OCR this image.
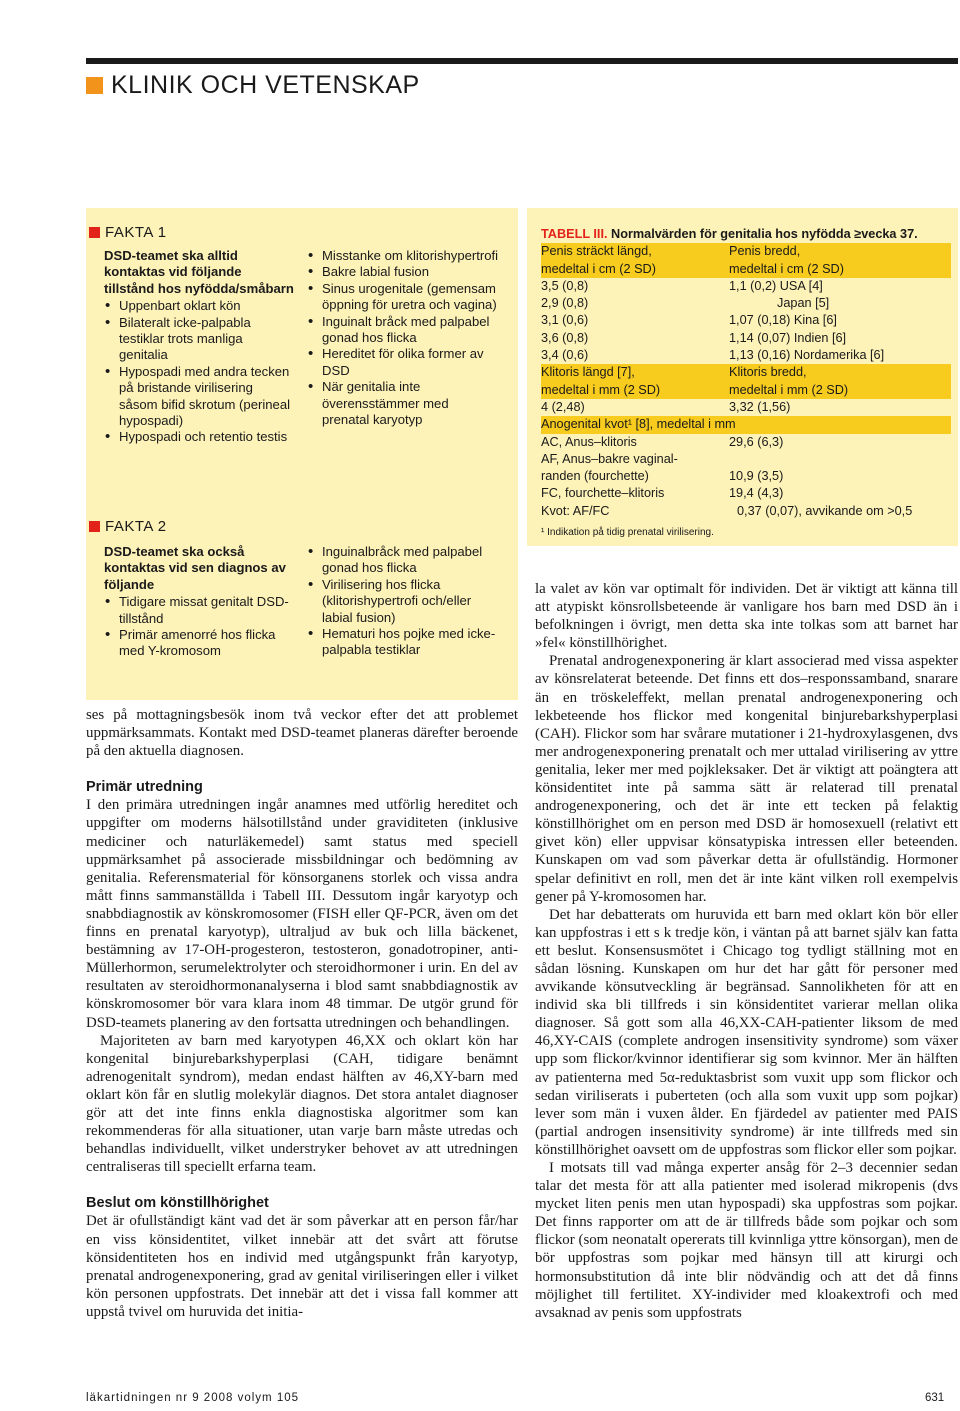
KLINIK OCH VETENSKAP
FAKTA 1
DSD-teamet ska alltid kontaktas vid följande tillstånd hos nyfödda/småbarn
• Uppenbart oklart kön
• Bilateralt icke-palpabla testiklar trots manliga genitalia
• Hypospadi med andra tecken på bristande virilisering såsom bifid skrotum (perineal hypospadi)
• Hypospadi och retentio testis
• Misstanke om klitorishypertrofi
• Bakre labial fusion
• Sinus urogenitale (gemensam öppning för uretra och vagina)
• Inguinalt bråck med palpabel gonad hos flicka
• Hereditet för olika former av DSD
• När genitalia inte överensstämmer med prenatal karyotyp
FAKTA 2
DSD-teamet ska också kontaktas vid sen diagnos av följande
• Tidigare missat genitalt DSD-tillstånd
• Primär amenorré hos flicka med Y-kromosom
• Inguinalbråck med palpabel gonad hos flicka
• Virilisering hos flicka (klitorishypertrofi och/eller labial fusion)
• Hematuri hos pojke med icke-palpabla testiklar
TABELL III. Normalvärden för genitalia hos nyfödda ≥vecka 37.
Penis sträckt längd,	Penis bredd,
medeltal i cm (2 SD)	medeltal i cm (2 SD)
3,5 (0,8)	1,1 (0,2) USA [4]
2,9 (0,8)	Japan [5]
3,1 (0,6)	1,07 (0,18) Kina [6]
3,6 (0,8)	1,14 (0,07) Indien [6]
3,4 (0,6)	1,13 (0,16) Nordamerika [6]
Klitoris längd [7],	Klitoris bredd,
medeltal i mm (2 SD)	medeltal i mm (2 SD)
4 (2,48)	3,32 (1,56)
Anogenital kvot¹ [8], medeltal i mm
AC, Anus–klitoris	29,6 (6,3)
AF, Anus–bakre vaginal-
randen (fourchette)	10,9 (3,5)
FC, fourchette–klitoris	19,4 (4,3)
Kvot: AF/FC	0,37 (0,07), avvikande om >0,5
¹ Indikation på tidig prenatal virilisering.

ses på mottagningsbesök inom två veckor efter det att problemet uppmärksammats. Kontakt med DSD-teamet planeras därefter beroende på den aktuella diagnosen.

Primär utredning

I den primära utredningen ingår anamnes med utförlig hereditet och uppgifter om moderns hälsotillstånd under graviditeten (inklusive mediciner och naturläkemedel) samt status med speciell uppmärksamhet på associerade missbildningar och bedömning av genitalia. Referensmaterial för könsorganens storlek och vissa andra mått finns sammanställda i Tabell III. Dessutom ingår karyotyp och snabbdiagnostik av könskromosomer (FISH eller QF-PCR, även om det finns en prenatal karyotyp), ultraljud av buk och lilla bäckenet, bestämning av 17-OH-progesteron, testosteron, gonadotropiner, anti-Müllerhormon, serumelektrolyter och steroidhormoner i urin. En del av resultaten av steroidhormonanalyserna i blod samt snabbdiagnostik av könskromosomer bör vara klara inom 48 timmar. De utgör grund för DSD-teamets planering av den fortsatta utredningen och behandlingen.

Majoriteten av barn med karyotypen 46,XX och oklart kön har kongenital binjurebarkshyperplasi (CAH, tidigare benämnt adrenogenitalt syndrom), medan endast hälften av 46,XY-barn med oklart kön får en slutlig molekylär diagnos. Det stora antalet diagnoser gör att det inte finns enkla diagnostiska algoritmer som kan rekommenderas för alla situationer, utan varje barn måste utredas och behandlas individuellt, vilket understryker behovet av att utredningen centraliseras till speciellt erfarna team.

Beslut om könstillhörighet

Det är ofullständigt känt vad det är som påverkar att en person får/har en viss könsidentitet, vilket innebär att det svårt att förutse könsidentiteten hos en individ med utgångspunkt från karyotyp, prenatal androgenexponering, grad av genital viriliseringen eller i vilket kön personen uppfostrats. Det innebär att det i vissa fall kommer att uppstå tvivel om huruvida det initia-

la valet av kön var optimalt för individen. Det är viktigt att känna till att atypiskt könsrollsbeteende är vanligare hos barn med DSD än i befolkningen i övrigt, men detta ska inte tolkas som att barnet har »fel« könstillhörighet.

Prenatal androgenexponering är klart associerad med vissa aspekter av könsrelaterat beteende. Det finns ett dos–responssamband, snarare än en tröskeleffekt, mellan prenatal androgenexponering och lekbeteende hos flickor med kongenital binjurebarkshyperplasi (CAH). Flickor som har svårare mutationer i 21-hydroxylasgenen, dvs mer androgenexponering prenatalt och mer uttalad virilisering av yttre genitalia, leker mer med pojkleksaker. Det är viktigt att poängtera att könsidentitet inte på samma sätt är relaterad till prenatal androgenexponering, och det är inte ett tecken på felaktig könstillhörighet om en person med DSD är homosexuell (relativt ett givet kön) eller uppvisar könsatypiska intressen eller beteenden. Kunskapen om vad som påverkar detta är ofullständig. Hormoner spelar definitivt en roll, men det är inte känt vilken roll exempelvis gener på Y-kromosomen har.

Det har debatterats om huruvida ett barn med oklart kön bör eller kan uppfostras i ett s k tredje kön, i väntan på att barnet själv kan fatta ett beslut. Konsensusmötet i Chicago tog tydligt ställning mot en sådan lösning. Kunskapen om hur det har gått för personer med avvikande könsutveckling är begränsad. Sannolikheten för att en individ ska bli tillfreds i sin könsidentitet varierar mellan olika diagnoser. Så gott som alla 46,XX-CAH-patienter liksom de med 46,XY-CAIS (complete androgen insensitivity syndrome) som växer upp som flickor/kvinnor identifierar sig som kvinnor. Mer än hälften av patienterna med 5α-reduktasbrist som vuxit upp som flickor och sedan viriliserats i puberteten (och alla som vuxit upp som pojkar) lever som män i vuxen ålder. En fjärdedel av patienter med PAIS (partial androgen insensitivity syndrome) är inte tillfreds med sin könstillhörighet oavsett om de uppfostras som flickor eller som pojkar.

I motsats till vad många experter ansåg för 2–3 decennier sedan talar det mesta för att alla patienter med isolerad mikropenis (dvs mycket liten penis men utan hypospadi) ska uppfostras som pojkar. Det finns rapporter om att de är tillfreds både som pojkar och som flickor (som neonatalt opererats till kvinnliga yttre könsorgan), men de bör uppfostras som pojkar med hänsyn till att kirurgi och hormonsubstitution då inte blir nödvändig och att det då finns möjlighet till fertilitet. XY-individer med kloakextrofi och med avsaknad av penis som uppfostrats

läkartidningen nr 9 2008 volym 105	631
